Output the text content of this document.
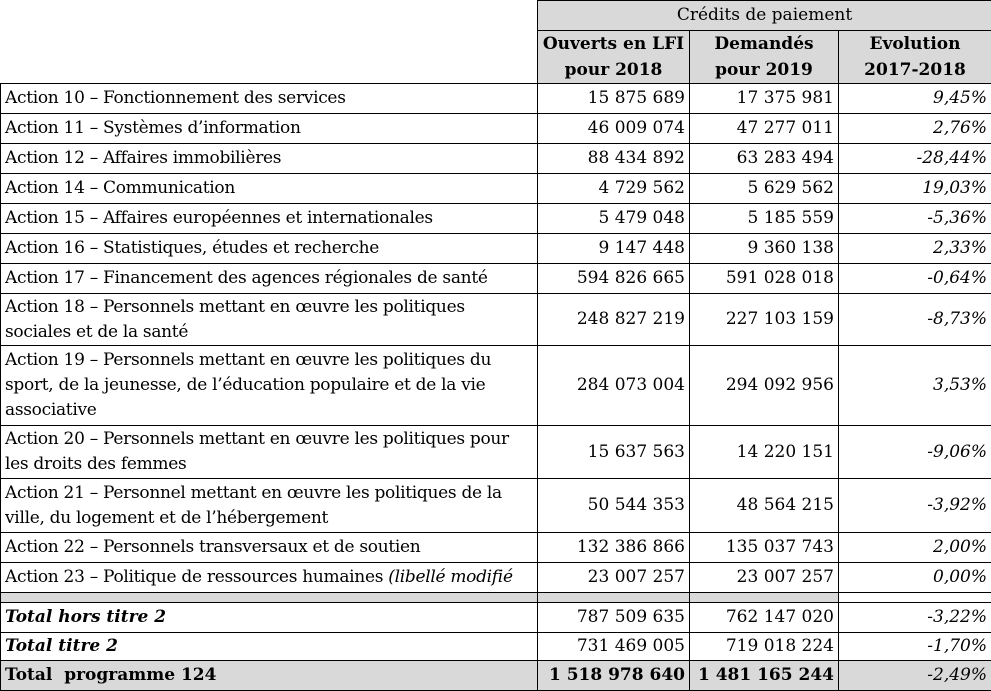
	Crédits de paiement		
	Ouverts en LFI pour 2018	Demandés pour 2019	Evolution 2017-2018
Action 10 – Fonctionnement des services	15 875 689	17 375 981	9,45%
Action 11 – Systèmes d’information	46 009 074	47 277 011	2,76%
Action 12 – Affaires immobilières	88 434 892	63 283 494	-28,44%
Action 14 – Communication	4 729 562	5 629 562	19,03%
Action 15 – Affaires européennes et internationales	5 479 048	5 185 559	-5,36%
Action 16 – Statistiques, études et recherche	9 147 448	9 360 138	2,33%
Action 17 – Financement des agences régionales de santé	594 826 665	591 028 018	-0,64%
Action 18 – Personnels mettant en œuvre les politiques sociales et de la santé	248 827 219	227 103 159	-8,73%
Action 19 – Personnels mettant en œuvre les politiques du sport, de la jeunesse, de l’éducation populaire et de la vie associative	284 073 004	294 092 956	3,53%
Action 20 – Personnels mettant en œuvre les politiques pour les droits des femmes	15 637 563	14 220 151	-9,06%
Action 21 – Personnel mettant en œuvre les politiques de la ville, du logement et de l’hébergement	50 544 353	48 564 215	-3,92%
Action 22 – Personnels transversaux et de soutien	132 386 866	135 037 743	2,00%
Action 23 – Politique de ressources humaines (libellé modifié	23 007 257	23 007 257	0,00%

Total hors titre 2	787 509 635	762 147 020	-3,22%
Total titre 2	731 469 005	719 018 224	-1,70%
Total  programme 124	1 518 978 640	1 481 165 244	-2,49%
